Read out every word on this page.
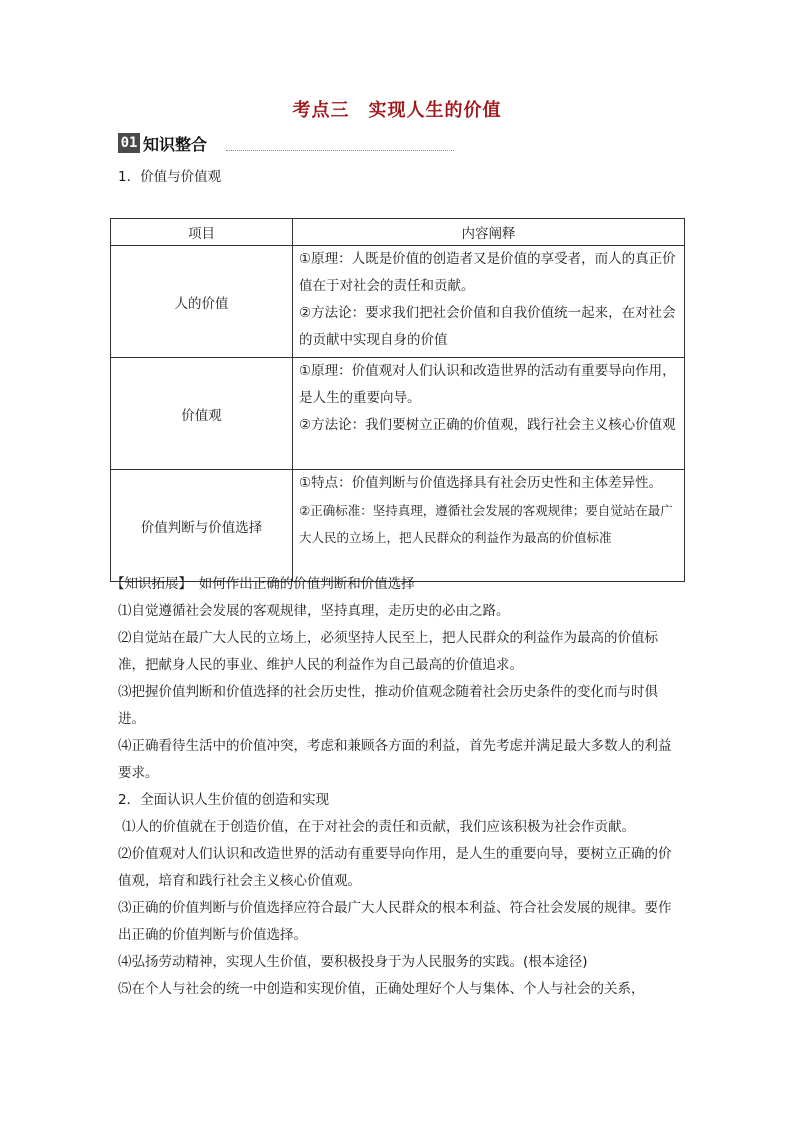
考点三　实现人生的价值
01 知识整合
1．价值与价值观
项目	内容阐释
人的价值	①原理：人既是价值的创造者又是价值的享受者，而人的真正价值在于对社会的责任和贡献。
②方法论：要求我们把社会价值和自我价值统一起来，在对社会的贡献中实现自身的价值

价值观	①原理：价值观对人们认识和改造世界的活动有重要导向作用，是人生的重要向导。
②方法论：我们要树立正确的价值观，践行社会主义核心价值观

价值判断与价值选择	①特点：价值判断与价值选择具有社会历史性和主体差异性。
②正确标准：坚持真理，遵循社会发展的客观规律；要自觉站在最广大人民的立场上，把人民群众的利益作为最高的价值标准

【知识拓展】　如何作出正确的价值判断和价值选择

⑴自觉遵循社会发展的客观规律，坚持真理，走历史的必由之路。

⑵自觉站在最广大人民的立场上，必须坚持人民至上，把人民群众的利益作为最高的价值标准，把献身人民的事业、维护人民的利益作为自己最高的价值追求。

⑶把握价值判断和价值选择的社会历史性，推动价值观念随着社会历史条件的变化而与时俱进。

⑷正确看待生活中的价值冲突，考虑和兼顾各方面的利益，首先考虑并满足最大多数人的利益要求。

2．全面认识人生价值的创造和实现

⑴人的价值就在于创造价值，在于对社会的责任和贡献，我们应该积极为社会作贡献。

⑵价值观对人们认识和改造世界的活动有重要导向作用，是人生的重要向导，要树立正确的价值观，培育和践行社会主义核心价值观。

⑶正确的价值判断与价值选择应符合最广大人民群众的根本利益、符合社会发展的规律。要作出正确的价值判断与价值选择。

⑷弘扬劳动精神，实现人生价值，要积极投身于为人民服务的实践。(根本途径)

⑸在个人与社会的统一中创造和实现价值，正确处理好个人与集体、个人与社会的关系，
